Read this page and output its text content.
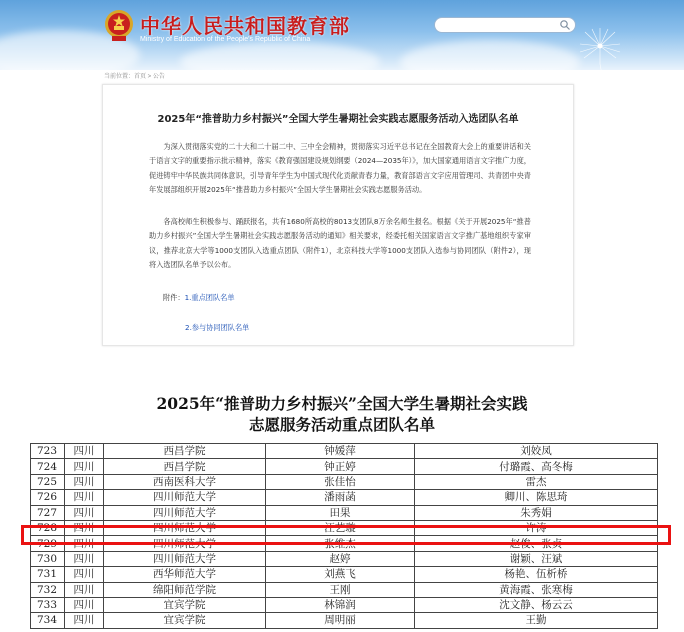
中华人民共和国教育部
Ministry of Education of the People's Republic of China
当前位置：首页 > 公告
2025年“推普助力乡村振兴”全国大学生暑期社会实践志愿服务活动入选团队名单

为深入贯彻落实党的二十大和二十届二中、三中全会精神，贯彻落实习近平总书记在全国教育大会上的重要讲话和关于语言文字的重要指示批示精神，落实《教育强国建设规划纲要（2024—2035年）》，加大国家通用语言文字推广力度，促进铸牢中华民族共同体意识，引导青年学生为中国式现代化贡献青春力量，教育部语言文字应用管理司、共青团中央青年发展部组织开展2025年“推普助力乡村振兴”全国大学生暑期社会实践志愿服务活动。

各高校师生积极参与、踊跃报名，共有1680所高校的8013支团队8万余名师生报名。根据《关于开展2025年“推普助力乡村振兴”全国大学生暑期社会实践志愿服务活动的通知》相关要求，经委托相关国家语言文字推广基地组织专家审议，推荐北京大学等1000支团队入选重点团队（附件1），北京科技大学等1000支团队入选参与协同团队（附件2），现将入选团队名单予以公布。

附件：1.重点团队名单
2.参与协同团队名单
2025年“推普助力乡村振兴”全国大学生暑期社会实践
志愿服务活动重点团队名单
723	四川	西昌学院	钟媛萍	刘姣凤
724	四川	西昌学院	钟正婷	付璐霞、高冬梅
725	四川	西南医科大学	张佳怡	雷杰
726	四川	四川师范大学	潘雨菡	卿川、陈思琦
727	四川	四川师范大学	田果	朱秀娟
728	四川	四川师范大学	汪艺璇	许涛
729	四川	四川师范大学	张维杰	赵俊、张贞
730	四川	四川师范大学	赵婷	谢颖、汪斌
731	四川	西华师范大学	刘燕飞	杨艳、伍析桥
732	四川	绵阳师范学院	王刚	黄海霞、张寒梅
733	四川	宜宾学院	林锦润	沈文静、杨云云
734	四川	宜宾学院	周明丽	王勤
